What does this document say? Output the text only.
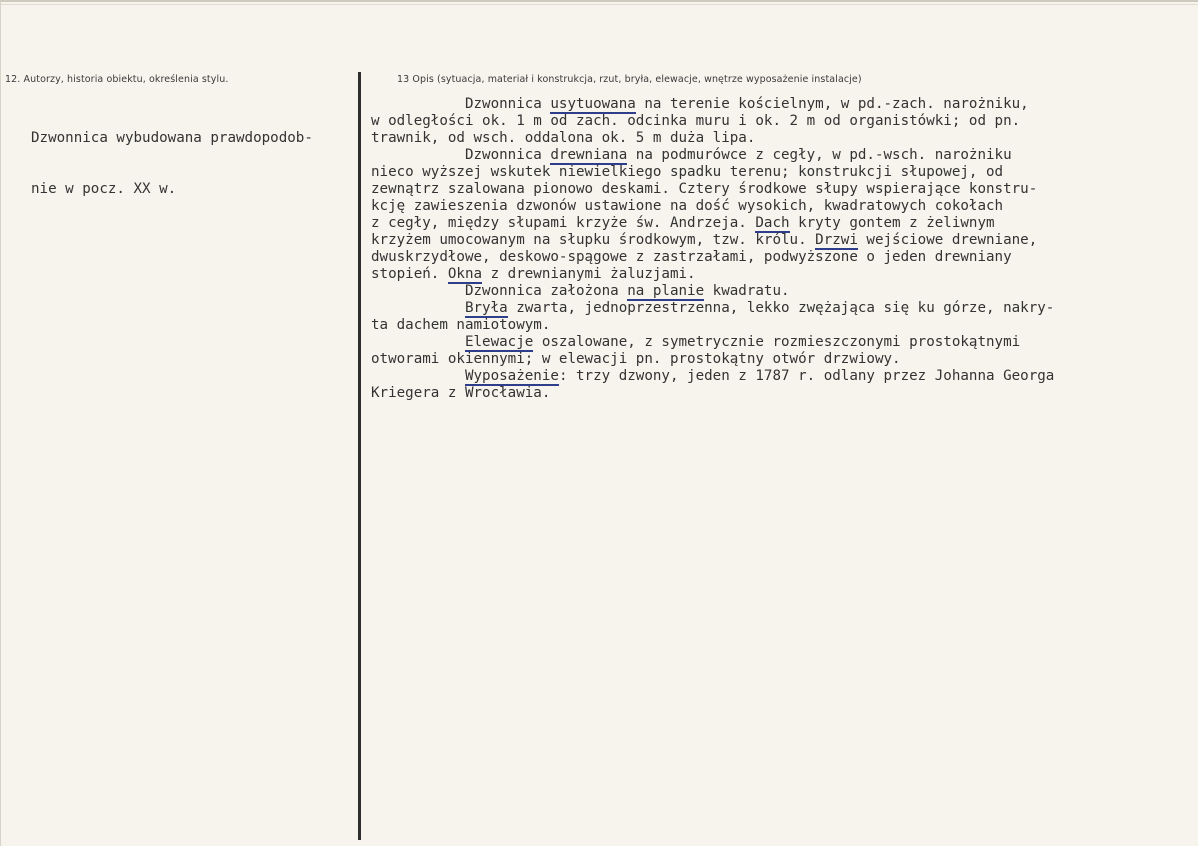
12. Autorzy, historia obiektu, określenia stylu.	13 Opis (sytuacja, materiał i konstrukcja, rzut, bryła, elewacje, wnętrze wyposażenie instalacje)

Dzwonnica wybudowana prawdopodob-

nie w pocz. XX w.

Dzwonnica usytuowana na terenie kościelnym, w pd.-zach. narożniku,
w odległości ok. 1 m od zach. odcinka muru i ok. 2 m od organistówki; od pn.
trawnik, od wsch. oddalona ok. 5 m duża lipa.
Dzwonnica drewniana na podmurówce z cegły, w pd.-wsch. narożniku
nieco wyższej wskutek niewielkiego spadku terenu; konstrukcji słupowej, od
zewnątrz szalowana pionowo deskami. Cztery środkowe słupy wspierające konstru-
kcję zawieszenia dzwonów ustawione na dość wysokich, kwadratowych cokołach
z cegły, między słupami krzyże św. Andrzeja. Dach kryty gontem z żeliwnym
krzyżem umocowanym na słupku środkowym, tzw. królu. Drzwi wejściowe drewniane,
dwuskrzydłowe, deskowo-spągowe z zastrzałami, podwyższone o jeden drewniany
stopień. Okna z drewnianymi żaluzjami.
Dzwonnica założona na planie kwadratu.
Bryła zwarta, jednoprzestrzenna, lekko zwężająca się ku górze, nakry-
ta dachem namiotowym.
Elewacje oszalowane, z symetrycznie rozmieszczonymi prostokątnymi
otworami okiennymi; w elewacji pn. prostokątny otwór drzwiowy.
Wyposażenie: trzy dzwony, jeden z 1787 r. odlany przez Johanna Georga
Kriegera z Wrocławia.
